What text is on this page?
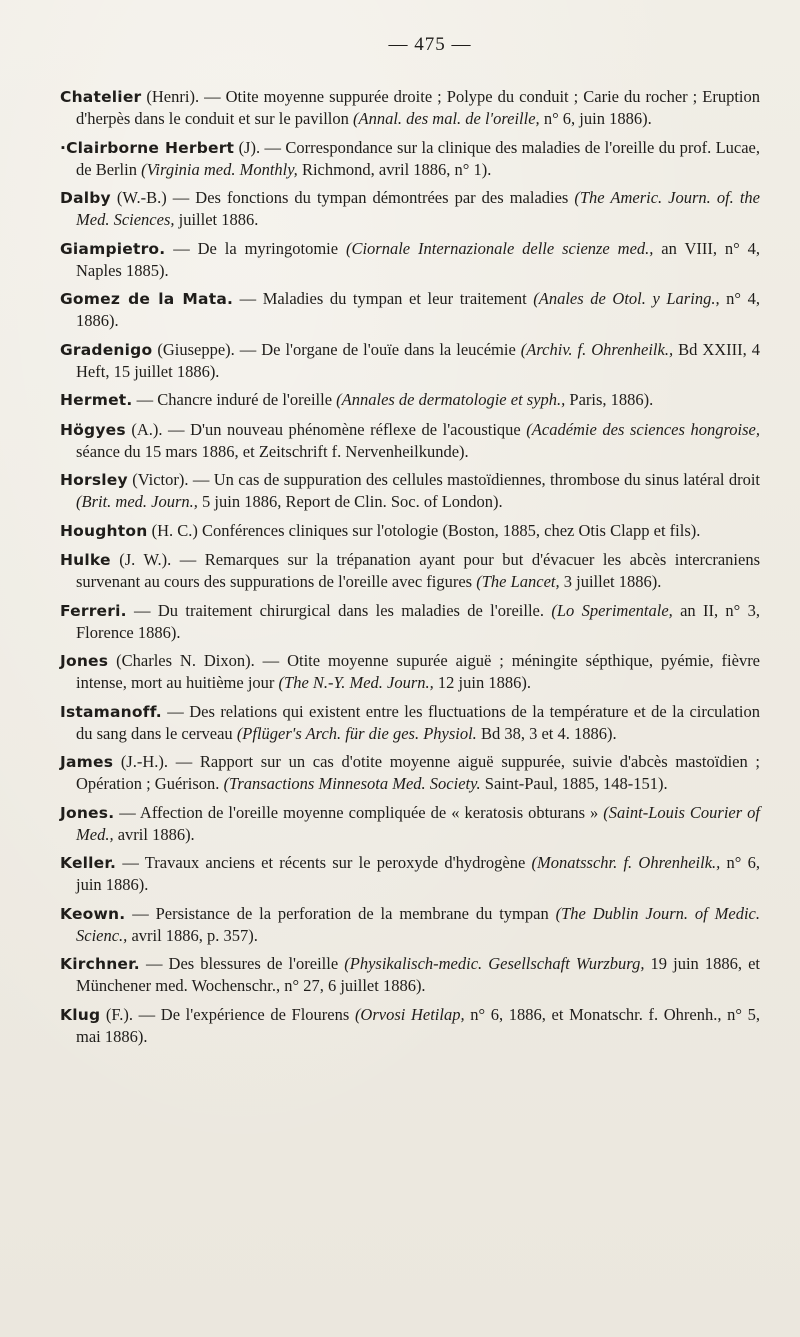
— 475 —
Chatelier (Henri). — Otite moyenne suppurée droite ; Polype du conduit ; Carie du rocher ; Eruption d'herpès dans le conduit et sur le pavillon (Annal. des mal. de l'oreille, n° 6, juin 1886).
·Clairborne Herbert (J). — Correspondance sur la clinique des maladies de l'oreille du prof. Lucae, de Berlin (Virginia med. Monthly, Richmond, avril 1886, n° 1).
Dalby (W.-B.) — Des fonctions du tympan démontrées par des maladies (The Americ. Journ. of. the Med. Sciences, juillet 1886.
Giampietro. — De la myringotomie (Ciornale Internazionale delle scienze med., an VIII, n° 4, Naples 1885).
Gomez de la Mata. — Maladies du tympan et leur traitement (Anales de Otol. y Laring., n° 4, 1886).
Gradenigo (Giuseppe). — De l'organe de l'ouïe dans la leucémie (Archiv. f. Ohrenheilk., Bd XXIII, 4 Heft, 15 juillet 1886).
Hermet. — Chancre induré de l'oreille (Annales de dermatologie et syph., Paris, 1886).
Högyes (A.). — D'un nouveau phénomène réflexe de l'acoustique (Académie des sciences hongroise, séance du 15 mars 1886, et Zeitschrift f. Nervenheilkunde).
Horsley (Victor). — Un cas de suppuration des cellules mastoïdiennes, thrombose du sinus latéral droit (Brit. med. Journ., 5 juin 1886, Report de Clin. Soc. of London).
Houghton (H. C.) Conférences cliniques sur l'otologie (Boston, 1885, chez Otis Clapp et fils).
Hulke (J. W.). — Remarques sur la trépanation ayant pour but d'évacuer les abcès intercraniens survenant au cours des suppurations de l'oreille avec figures (The Lancet, 3 juillet 1886).
Ferreri. — Du traitement chirurgical dans les maladies de l'oreille. (Lo Sperimentale, an II, n° 3, Florence 1886).
Jones (Charles N. Dixon). — Otite moyenne supurée aiguë ; méningite sépthique, pyémie, fièvre intense, mort au huitième jour (The N.-Y. Med. Journ., 12 juin 1886).
Istamanoff. — Des relations qui existent entre les fluctuations de la température et de la circulation du sang dans le cerveau (Pflüger's Arch. für die ges. Physiol. Bd 38, 3 et 4. 1886).
James (J.-H.). — Rapport sur un cas d'otite moyenne aiguë suppurée, suivie d'abcès mastoïdien ; Opération ; Guérison. (Transactions Minnesota Med. Society. Saint-Paul, 1885, 148-151).
Jones. — Affection de l'oreille moyenne compliquée de « keratosis obturans » (Saint-Louis Courier of Med., avril 1886).
Keller. — Travaux anciens et récents sur le peroxyde d'hydrogène (Monatsschr. f. Ohrenheilk., n° 6, juin 1886).
Keown. — Persistance de la perforation de la membrane du tympan (The Dublin Journ. of Medic. Scienc., avril 1886, p. 357).
Kirchner. — Des blessures de l'oreille (Physikalisch-medic. Gesellschaft Wurzburg, 19 juin 1886, et Münchener med. Wochenschr., n° 27, 6 juillet 1886).
Klug (F.). — De l'expérience de Flourens (Orvosi Hetilap, n° 6, 1886, et Monatschr. f. Ohrenh., n° 5, mai 1886).
